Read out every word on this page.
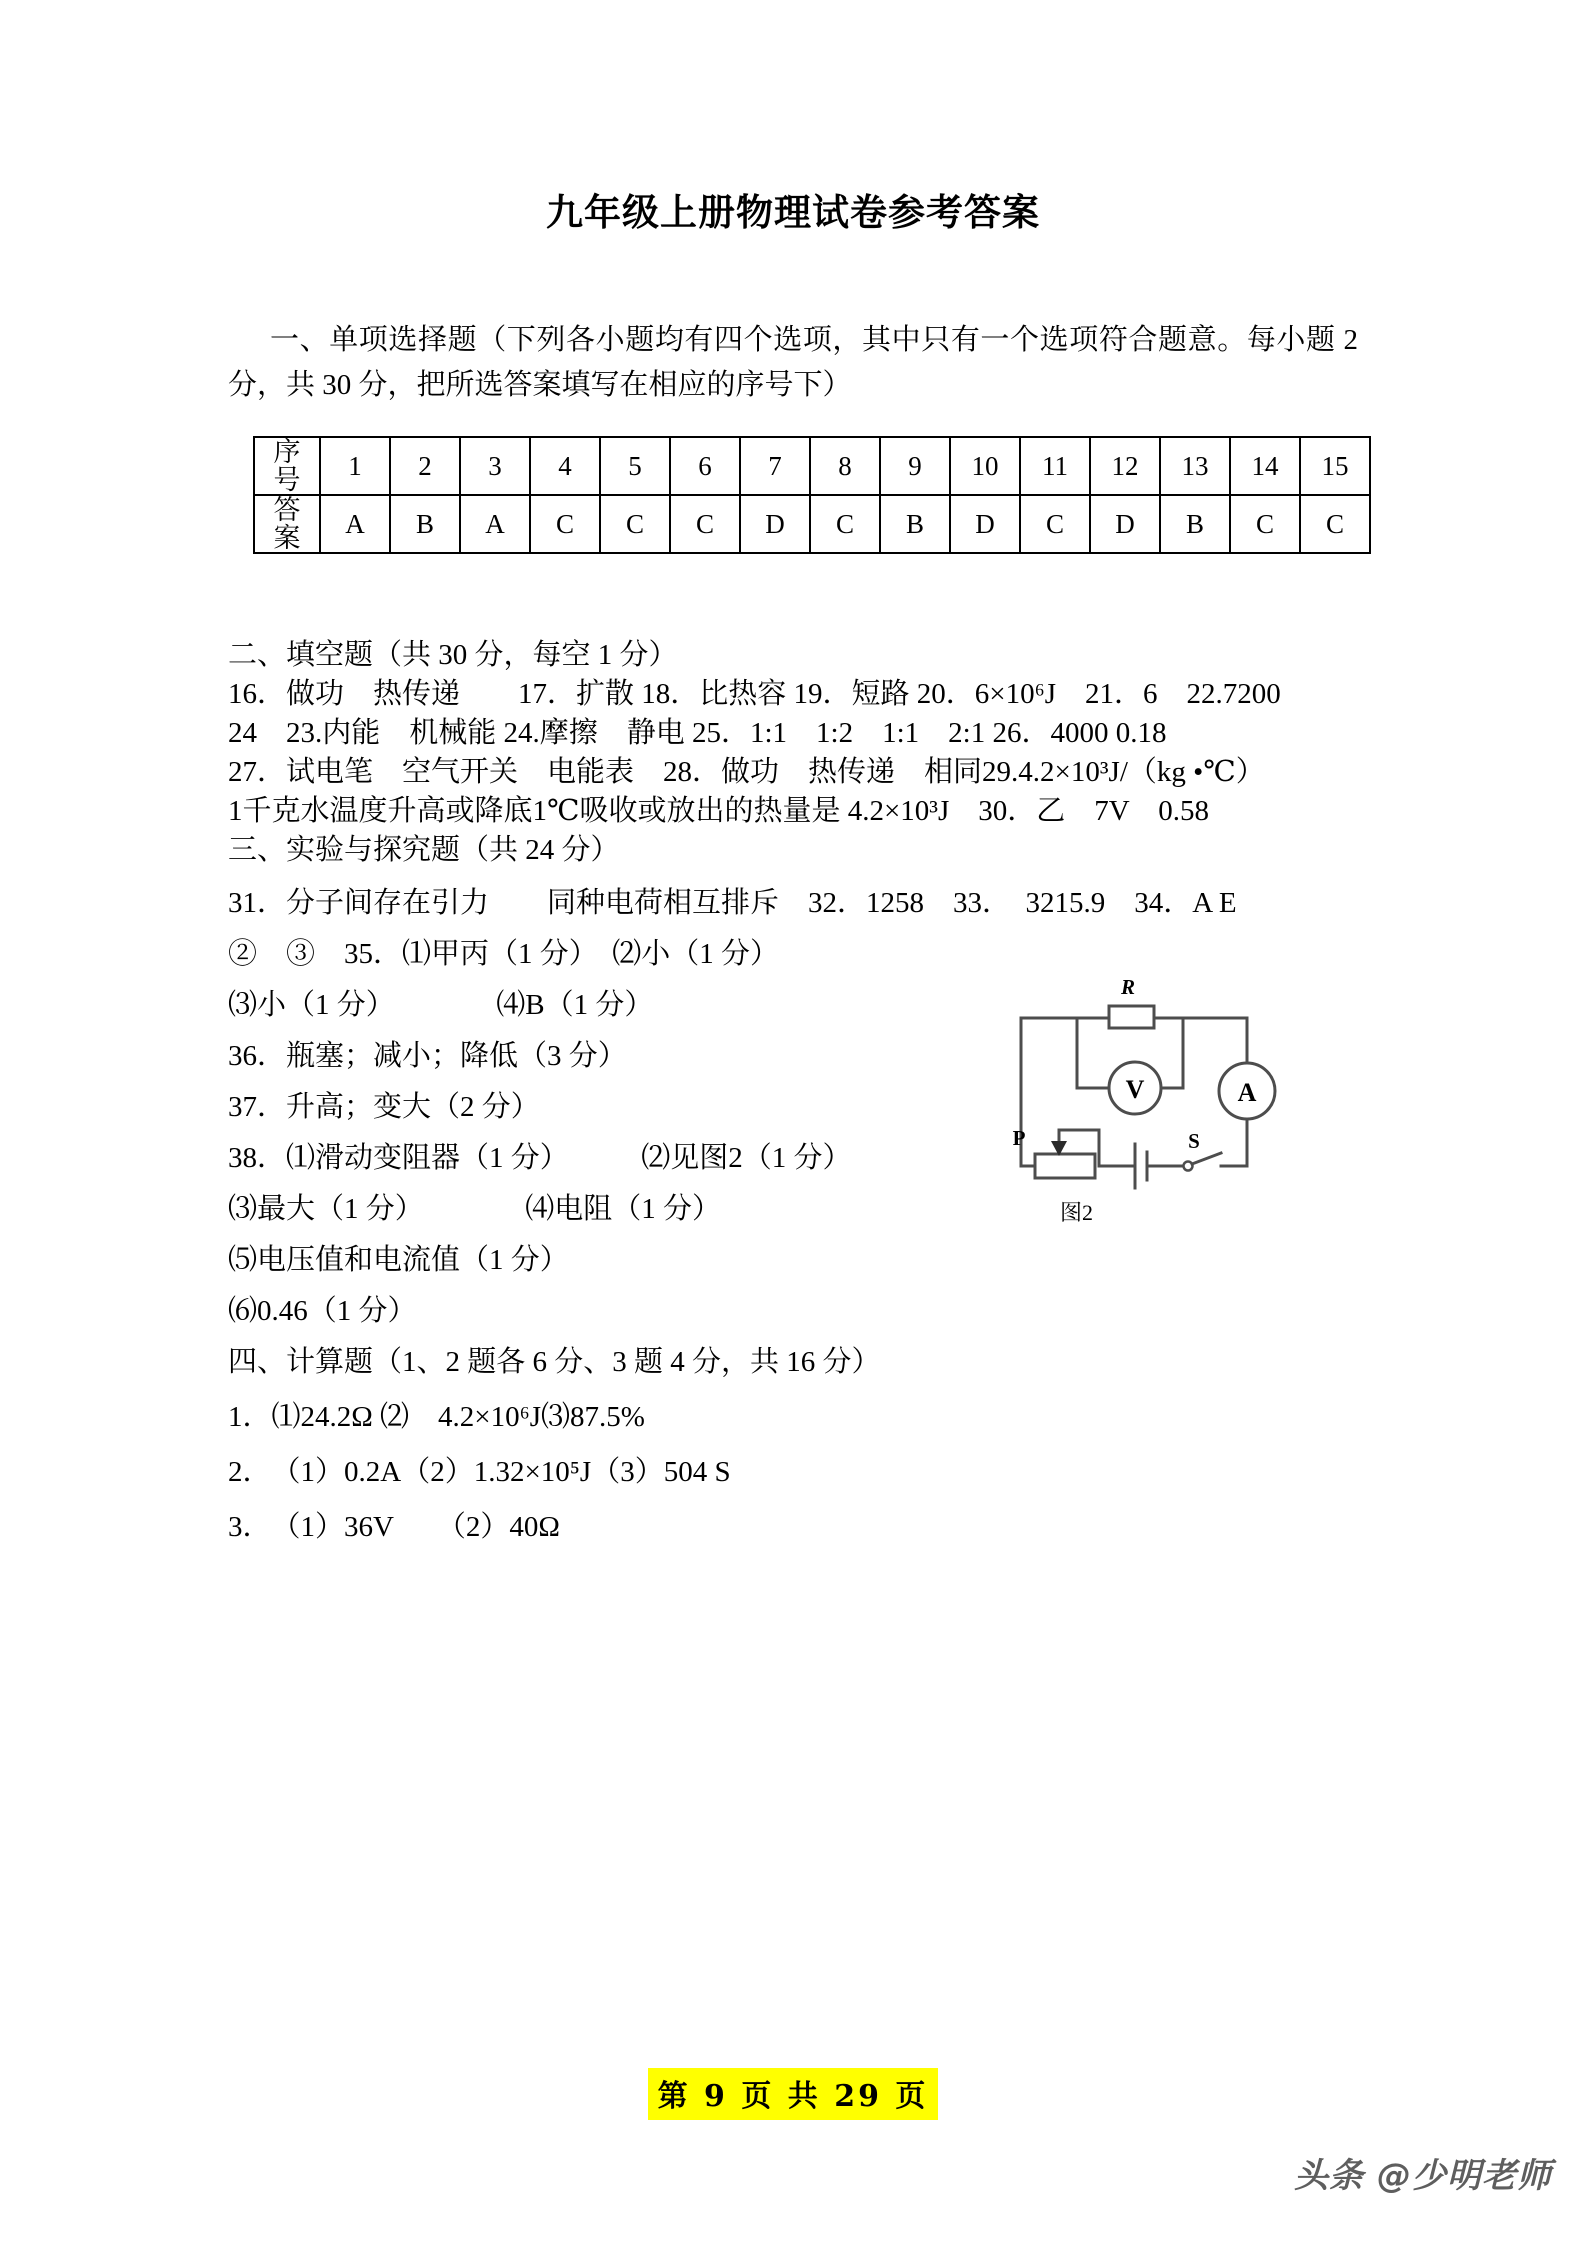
九年级上册物理试卷参考答案
一、单项选择题（下列各小题均有四个选项，其中只有一个选项符合题意。每小题 2 分，共 30 分，把所选答案填写在相应的序号下）
序
号	1	2	3	4	5	6	7	8	9	10	11	12	13	14	15

答
案	A	B	A	C	C	C	D	C	B	D	C	D	B	C	C
二、填空题（共 30 分，每空 1 分）
16．做功　热传递　　17．扩散 18．比热容 19．短路 20．6×10⁶J　21．6　22.7200
24　23.内能　机械能 24.摩擦　静电 25．1:1　1:2　1:1　2:1 26．4000 0.18
27．试电笔　空气开关　电能表　28．做功　热传递　相同29.4.2×10³J/（kg •℃）
1千克水温度升高或降底1℃吸收或放出的热量是 4.2×10³J　30．乙　7V　0.58
三、实验与探究题（共 24 分）
31．分子间存在引力　　同种电荷相互排斥　32．1258　33．　3215.9　34．A E
②　③　35．⑴甲丙（1 分）　⑵小（1 分）
⑶小（1 分）　　　　⑷B（1 分）
36．瓶塞；减小；降低（3 分）
37．升高；变大（2 分）
38．⑴滑动变阻器（1 分）　　　⑵见图2（1 分）
⑶最大（1 分）　　　　⑷电阻（1 分）
⑸电压值和电流值（1 分）
⑹0.46（1 分）
四、计算题（1、2 题各 6 分、3 题 4 分，共 16 分）
1．⑴24.2Ω ⑵　4.2×10⁶J⑶87.5%
2．　（1）0.2A（2）1.32×10⁵J（3）504 S
3．　（1）36V　　（2）40Ω
R
V	A
P	S
图2
第 9 页 共 29 页
头条 @少明老师
